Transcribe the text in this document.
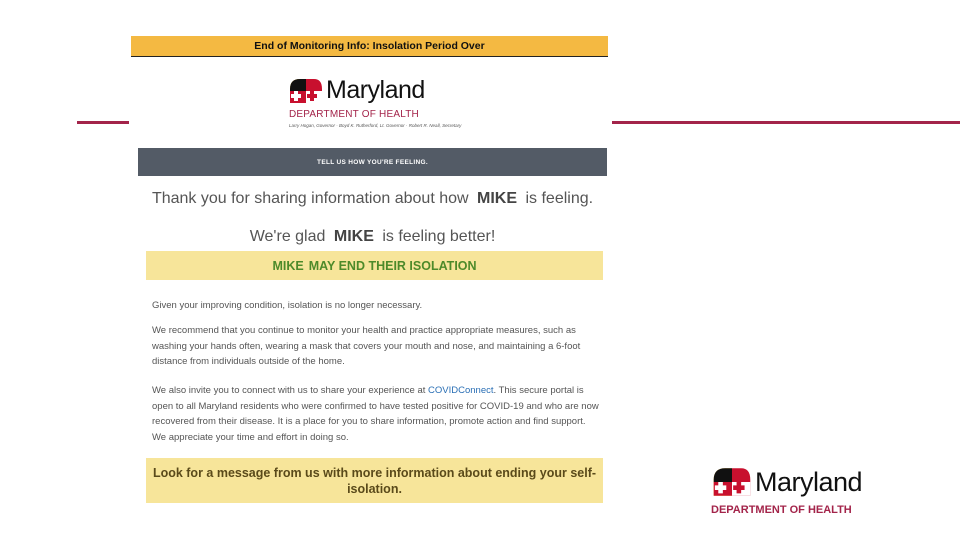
End of Monitoring Info: Insolation Period Over
Maryland
DEPARTMENT OF HEALTH
Larry Hogan, Governor · Boyd K. Rutherford, Lt. Governor · Robert R. Neall, Secretary
TELL US HOW YOU'RE FEELING.
Thank you for sharing information about how MIKE is feeling.
We're glad MIKE is feeling better!
MIKE MAY END THEIR ISOLATION
Given your improving condition, isolation is no longer necessary.
We recommend that you continue to monitor your health and practice appropriate measures, such as washing your hands often, wearing a mask that covers your mouth and nose, and maintaining a 6-foot distance from individuals outside of the home.
We also invite you to connect with us to share your experience at COVIDConnect. This secure portal is open to all Maryland residents who were confirmed to have tested positive for COVID-19 and who are now recovered from their disease. It is a place for you to share information, promote action and find support. We appreciate your time and effort in doing so.
Look for a message from us with more information about ending your self-isolation.	Maryland
DEPARTMENT OF HEALTH
